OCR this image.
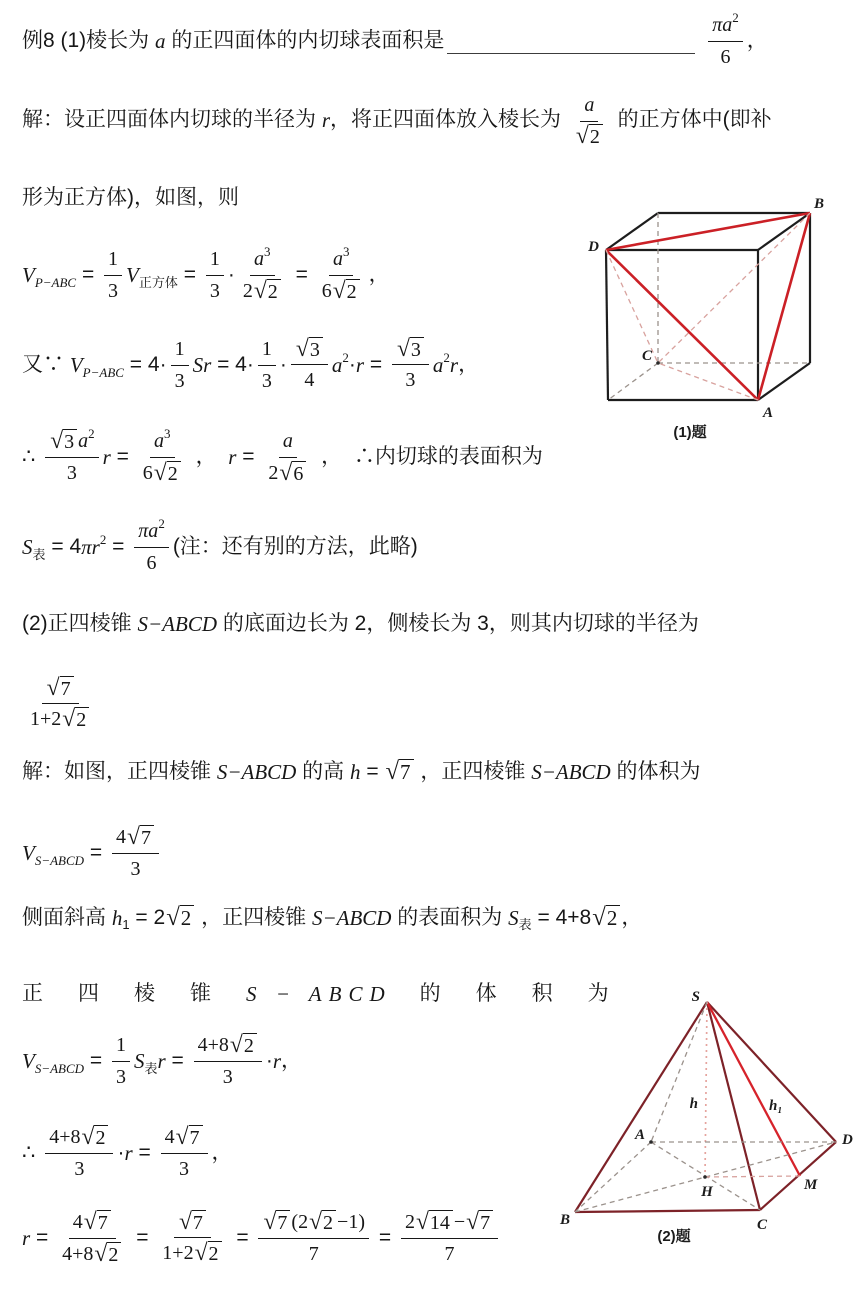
例8 (1)棱长为 a 的正四面体的内切球表面积是
	$\frac{\pi a 2}{6}$ ，
解：设正四面体内切球的半径为 r ，将正四面体放入棱长为 $\frac{a}{√ 2}$ 的正方体中(即补
形为正方体)，如图，则
V $P-ABC = \frac{1}{3}$ V 正方体 = $\frac{1}{3} \cdot \frac{a 3}{2 √ 2} = \frac{a 3}{6 √ 2}$ ，
又∵ V $P-ABC = 4\cdot \frac{1}{3}$ $Sr = 4\cdot \frac{1}{3} \cdot \frac{√ 3}{4}$ a $2 \cdot r = \frac{√ 3}{3}$ a 2 r ，
∴ $\frac{√ 3 a 2}{3}$ $r = \frac{a 3}{6 √ 2}$ ， $r = \frac{a}{2 √ 6}$ ，  ∴内切球的表面积为
S 表 = 4 πr $2 = \frac{\pi a 2}{6}$ (注：还有别的方法，此略)
(2)正四棱锥 S−ABCD 的底面边长为 2，侧棱长为 3，则其内切球的半径为
$\frac{√ 7}{1+2 √ 2}$
解：如图，正四棱锥 S−ABCD 的高 h = √ 7 ，正四棱锥 S−ABCD 的体积为
V S−ABCD = $\frac{4 √ 7}{3}$
侧面斜高 h 1 = 2 √ 2 ，正四棱锥 S−ABCD 的表面积为 S 表 = 4+8 √ 2 ，
正　四　棱　锥　 S − ABCD 　的　体　积　为
V S−ABCD = $\frac{1}{3}$ S 表 $r = \frac{4+8 √ 2}{3} \cdot r$ ，
∴ $\frac{4+8 √ 2}{3} \cdot r = \frac{4 √ 7}{3}$ ，
$r = \frac{4 √ 7}{4+8 √ 2} = \frac{√ 7}{1+2 √ 2} = \frac{√ 7 (2 √ 2 -1)}{7} = \frac{2 √ 14 - √ 7}{7}$
D
B
C
A
(1)题
S
h	h₁
A	D
M
H
B	C
(2)题
